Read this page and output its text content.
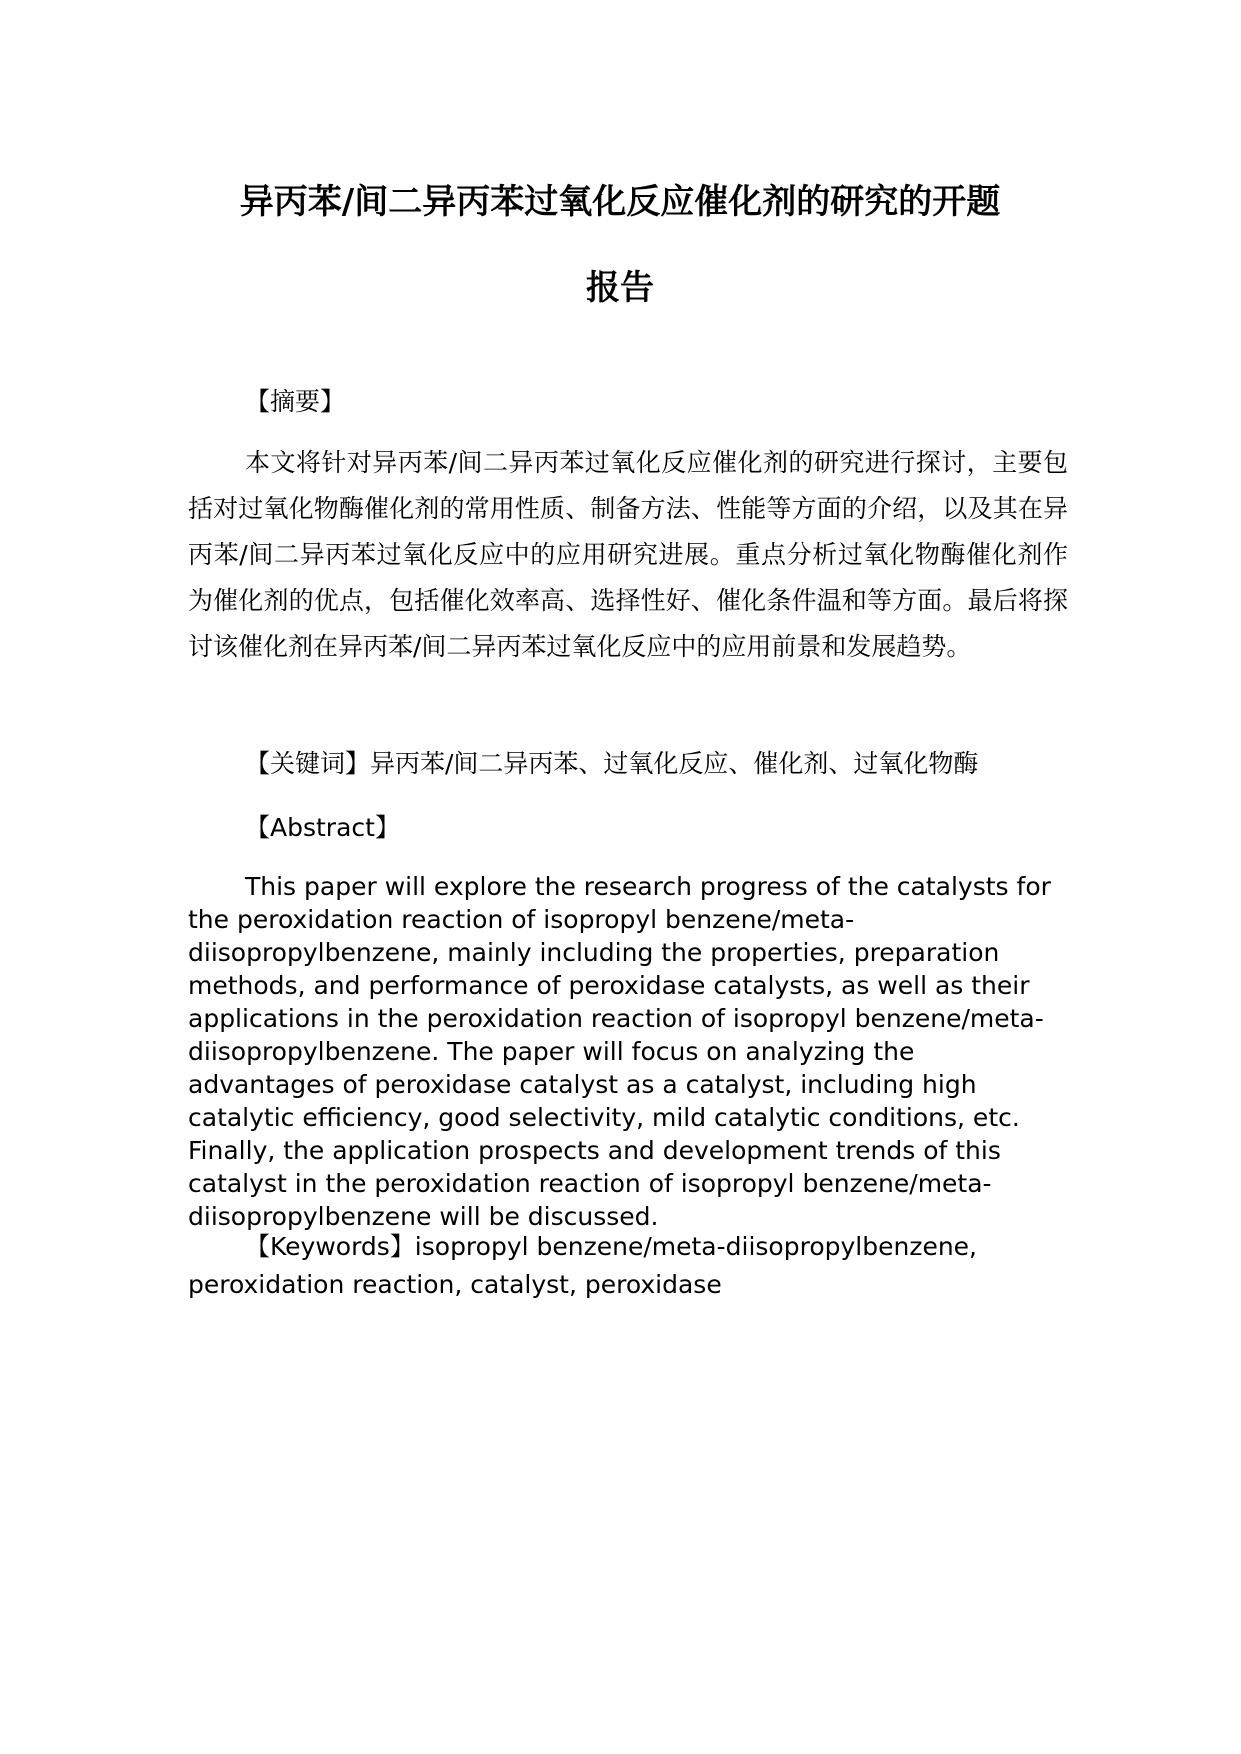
异丙苯/间二异丙苯过氧化反应催化剂的研究的开题
报告
【摘要】

本文将针对异丙苯/间二异丙苯过氧化反应催化剂的研究进行探讨，主要包括对过氧化物酶催化剂的常用性质、制备方法、性能等方面的介绍，以及其在异丙苯/间二异丙苯过氧化反应中的应用研究进展。重点分析过氧化物酶催化剂作为催化剂的优点，包括催化效率高、选择性好、催化条件温和等方面。最后将探讨该催化剂在异丙苯/间二异丙苯过氧化反应中的应用前景和发展趋势。

【关键词】异丙苯/间二异丙苯、过氧化反应、催化剂、过氧化物酶
【Abstract】

This paper will explore the research progress of the catalysts for the peroxidation reaction of isopropyl benzene/meta-diisopropylbenzene, mainly including the properties, preparation methods, and performance of peroxidase catalysts, as well as their applications in the peroxidation reaction of isopropyl benzene/meta-diisopropylbenzene. The paper will focus on analyzing the advantages of peroxidase catalyst as a catalyst, including high catalytic efficiency, good selectivity, mild catalytic conditions, etc. Finally, the application prospects and development trends of this catalyst in the peroxidation reaction of isopropyl benzene/meta-diisopropylbenzene will be discussed.

【Keywords】isopropyl benzene/meta-diisopropylbenzene, peroxidation reaction, catalyst, peroxidase
